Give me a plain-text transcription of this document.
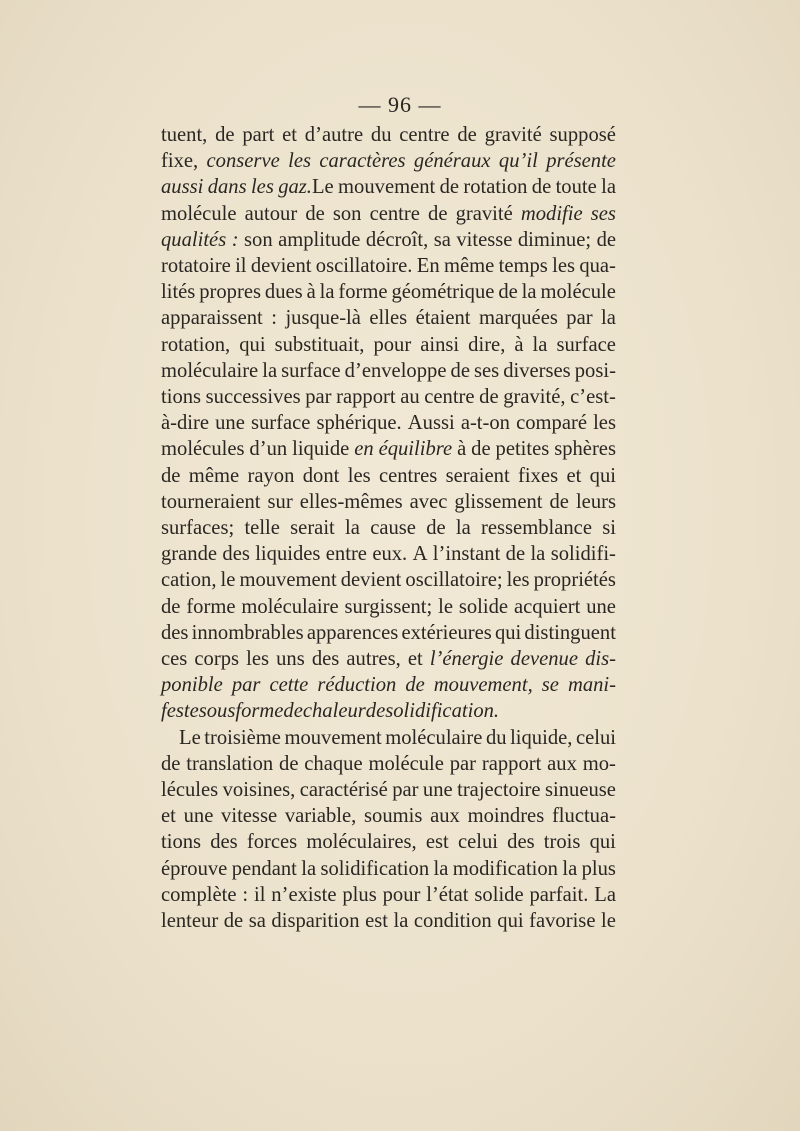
— 96 —
tuent, de part et d’autre du centre de gravité supposé
fixe, conserve les caractères généraux qu’il présente
aussi dans les gaz.Le mouvement de rotation de toute la
molécule autour de son centre de gravité modifie ses
qualités : son amplitude décroît, sa vitesse diminue; de
rotatoire il devient oscillatoire. En même temps les qua-
lités propres dues à la forme géométrique de la molécule
apparaissent : jusque-là elles étaient marquées par la
rotation, qui substituait, pour ainsi dire, à la surface
moléculaire la surface d’enveloppe de ses diverses posi-
tions successives par rapport au centre de gravité, c’est-
à-dire une surface sphérique. Aussi a-t-on comparé les
molécules d’un liquide en équilibre à de petites sphères
de même rayon dont les centres seraient fixes et qui
tourneraient sur elles-mêmes avec glissement de leurs
surfaces; telle serait la cause de la ressemblance si
grande des liquides entre eux. A l’instant de la solidifi-
cation, le mouvement devient oscillatoire; les propriétés
de forme moléculaire surgissent; le solide acquiert une
des innombrables apparences extérieures qui distinguent
ces corps les uns des autres, et l’énergie devenue dis-
ponible par cette réduction de mouvement, se mani-
feste sous forme de chaleur de solidification.
Le troisième mouvement moléculaire du liquide, celui
de translation de chaque molécule par rapport aux mo-
lécules voisines, caractérisé par une trajectoire sinueuse
et une vitesse variable, soumis aux moindres fluctua-
tions des forces moléculaires, est celui des trois qui
éprouve pendant la solidification la modification la plus
complète : il n’existe plus pour l’état solide parfait. La
lenteur de sa disparition est la condition qui favorise le
